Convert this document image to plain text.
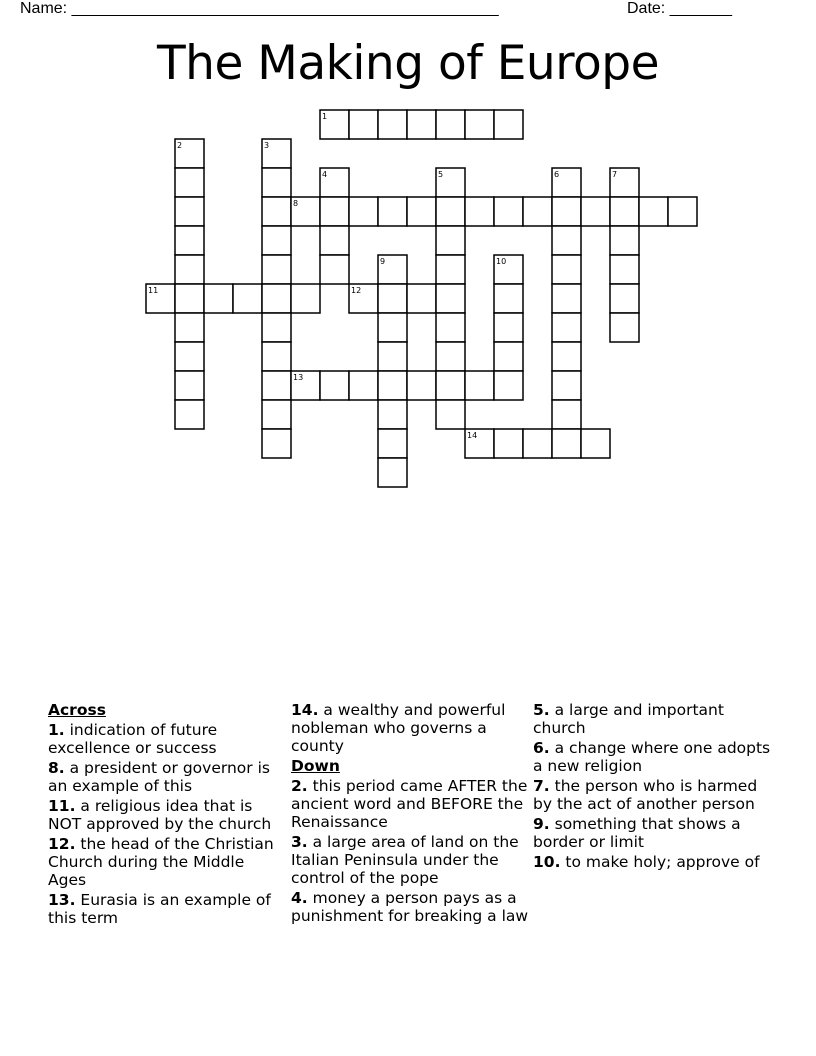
Name: ________________________________________________	Date: _______
The Making of Europe
1
2	3
4	5	6	7
8
9	10
11	12
13
14
Across
1. indication of future excellence or success
8. a president or governor is an example of this
11. a religious idea that is NOT approved by the church
12. the head of the Christian Church during the Middle Ages
13. Eurasia is an example of this term
14. a wealthy and powerful nobleman who governs a county
Down
2. this period came AFTER the ancient word and BEFORE the Renaissance
3. a large area of land on the Italian Peninsula under the control of the pope
4. money a person pays as a punishment for breaking a law
5. a large and important church
6. a change where one adopts a new religion
7. the person who is harmed by the act of another person
9. something that shows a border or limit
10. to make holy; approve of
